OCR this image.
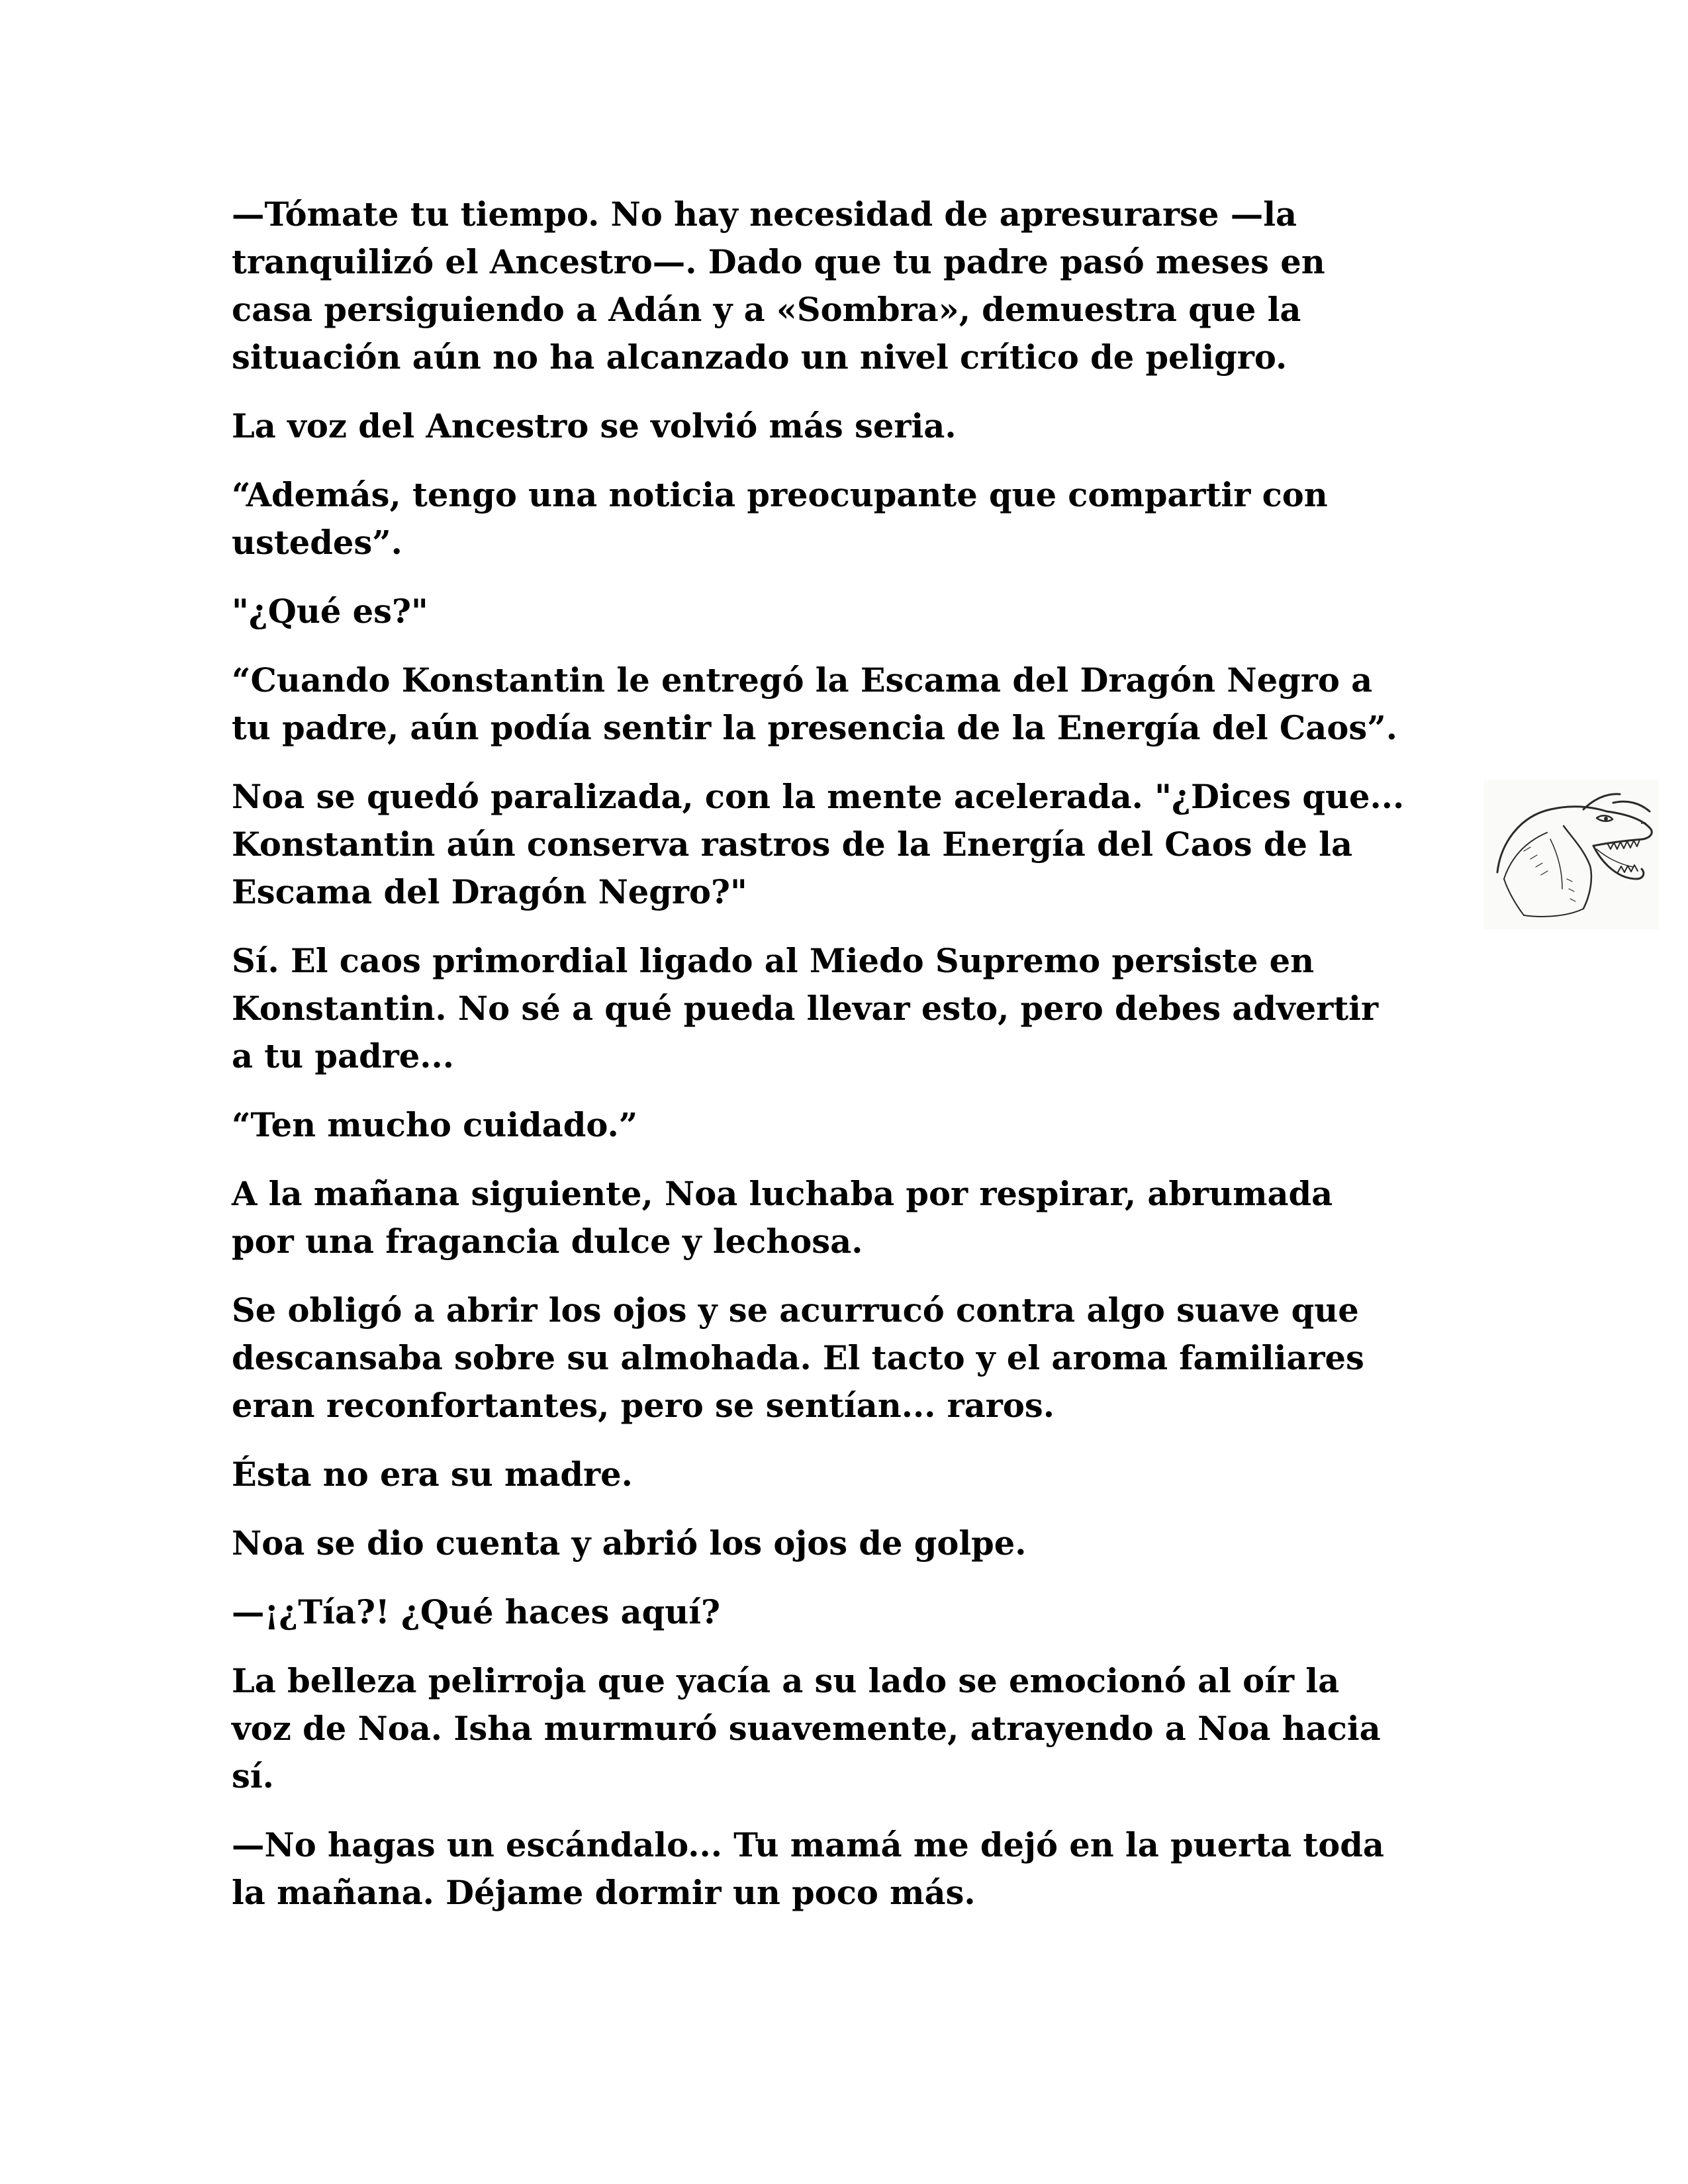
—Tómate tu tiempo. No hay necesidad de apresurarse —la
tranquilizó el Ancestro—. Dado que tu padre pasó meses en
casa persiguiendo a Adán y a «Sombra», demuestra que la
situación aún no ha alcanzado un nivel crítico de peligro.

La voz del Ancestro se volvió más seria.

“Además, tengo una noticia preocupante que compartir con
ustedes”.

"¿Qué es?"

“Cuando Konstantin le entregó la Escama del Dragón Negro a
tu padre, aún podía sentir la presencia de la Energía del Caos”.

Noa se quedó paralizada, con la mente acelerada. "¿Dices que...
Konstantin aún conserva rastros de la Energía del Caos de la
Escama del Dragón Negro?"

Sí. El caos primordial ligado al Miedo Supremo persiste en
Konstantin. No sé a qué pueda llevar esto, pero debes advertir
a tu padre...

“Ten mucho cuidado.”

A la mañana siguiente, Noa luchaba por respirar, abrumada
por una fragancia dulce y lechosa.

Se obligó a abrir los ojos y se acurrucó contra algo suave que
descansaba sobre su almohada. El tacto y el aroma familiares
eran reconfortantes, pero se sentían... raros.

Ésta no era su madre.

Noa se dio cuenta y abrió los ojos de golpe.

—¡¿Tía?! ¿Qué haces aquí?

La belleza pelirroja que yacía a su lado se emocionó al oír la
voz de Noa. Isha murmuró suavemente, atrayendo a Noa hacia
sí.

—No hagas un escándalo... Tu mamá me dejó en la puerta toda
la mañana. Déjame dormir un poco más.
